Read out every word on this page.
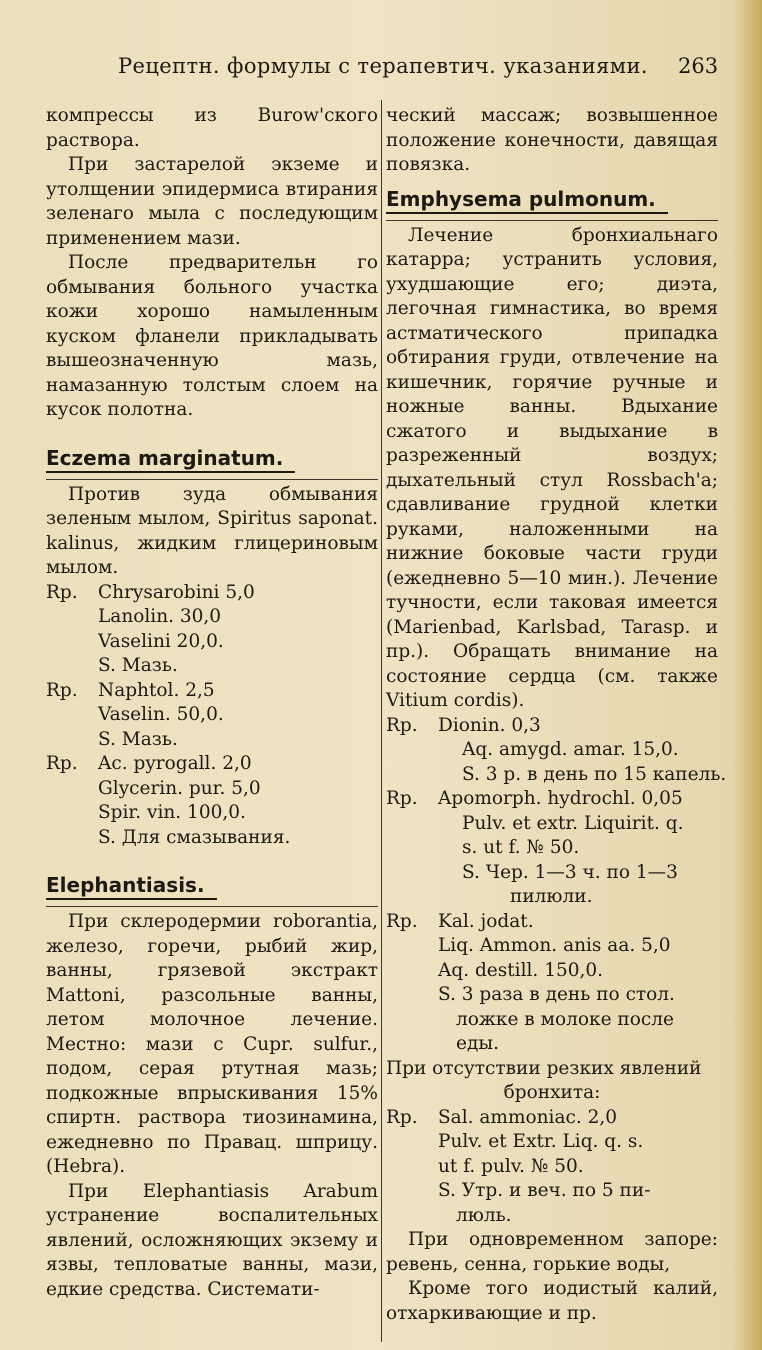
Рецептн. формулы с терапевтич. указаниями. 263

компрессы из Burow'ского раствора.

При застарелой экземе и утолщении эпидермиса втирания зеленаго мыла с последующим применением мази.

После предварительн го обмывания больного участка кожи хорошо намыленным куском фланели прикладывать вышеозначенную мазь, намазанную толстым слоем на кусок полотна.

Eczema marginatum.

Против зуда обмывания зеленым мылом, Spiritus saponat. kalinus, жидким глицериновым мылом.

Rp.	Chrysarobini 5,0
Lanolin. 30,0
Vaselini 20,0.
S. Мазь.
Rp.	Naphtol. 2,5
Vaselin. 50,0.
S. Мазь.
Rp.	Ac. pyrogall. 2,0
Glycerin. pur. 5,0
Spir. vin. 100,0.
S. Для смазывания.
Elephantiasis.

При склеродермии roborantia, железо, горечи, рыбий жир, ванны, грязевой экстракт Mattoni, разсольные ванны, летом молочное лечение. Местно: мази с Cupr. sulfur., подом, серая ртутная мазь; подкожные впрыскивания 15% спиртн. раствора тиозинамина, ежедневно по Правац. шприцу. (Hebra).

При Elephantiasis Arabum устранение воспалительных явлений, осложняющих экзему и язвы, тепловатые ванны, мази, едкие средства. Системати-

ческий массаж; возвышенное положение конечности, давящая повязка.

Emphysema pulmonum.

Лечение бронхиальнаго катарра; устранить условия, ухудшающие его; диэта, легочная гимнастика, во время астматического припадка обтирания груди, отвлечение на кишечник, горячие ручные и ножные ванны. Вдыхание сжатого и выдыхание в разреженный воздух; дыхательный стул Rossbach'а; сдавливание грудной клетки руками, наложенными на нижние боковые части груди (ежедневно 5—10 мин.). Лечение тучности, если таковая имеется (Marienbad, Karlsbad, Tarasp. и пр.). Обращать внимание на состояние сердца (см. также Vitium cordis).

Rp.	Dionin. 0,3
Aq. amygd. amar. 15,0.
S. 3 р. в день по 15 капель.
Rp.	Apomorph. hydrochl. 0,05
Pulv. et extr. Liquirit. q.
s. ut f. № 50.
S. Чер. 1—3 ч. по 1—3
пилюли.
Rp.	Kal. jodat.
Liq. Ammon. anis aa. 5,0
Aq. destill. 150,0.
S. 3 раза в день по стол.
ложке в молоке после
еды.

При отсутствии резких явлений

бронхита:

Rp.	Sal. ammoniac. 2,0
Pulv. et Extr. Liq. q. s.
ut f. pulv. № 50.
S. Утр. и веч. по 5 пи-
люль.

При одновременном запоре: ревень, сенна, горькие воды,

Кроме того иодистый калий, отхаркивающие и пр.
